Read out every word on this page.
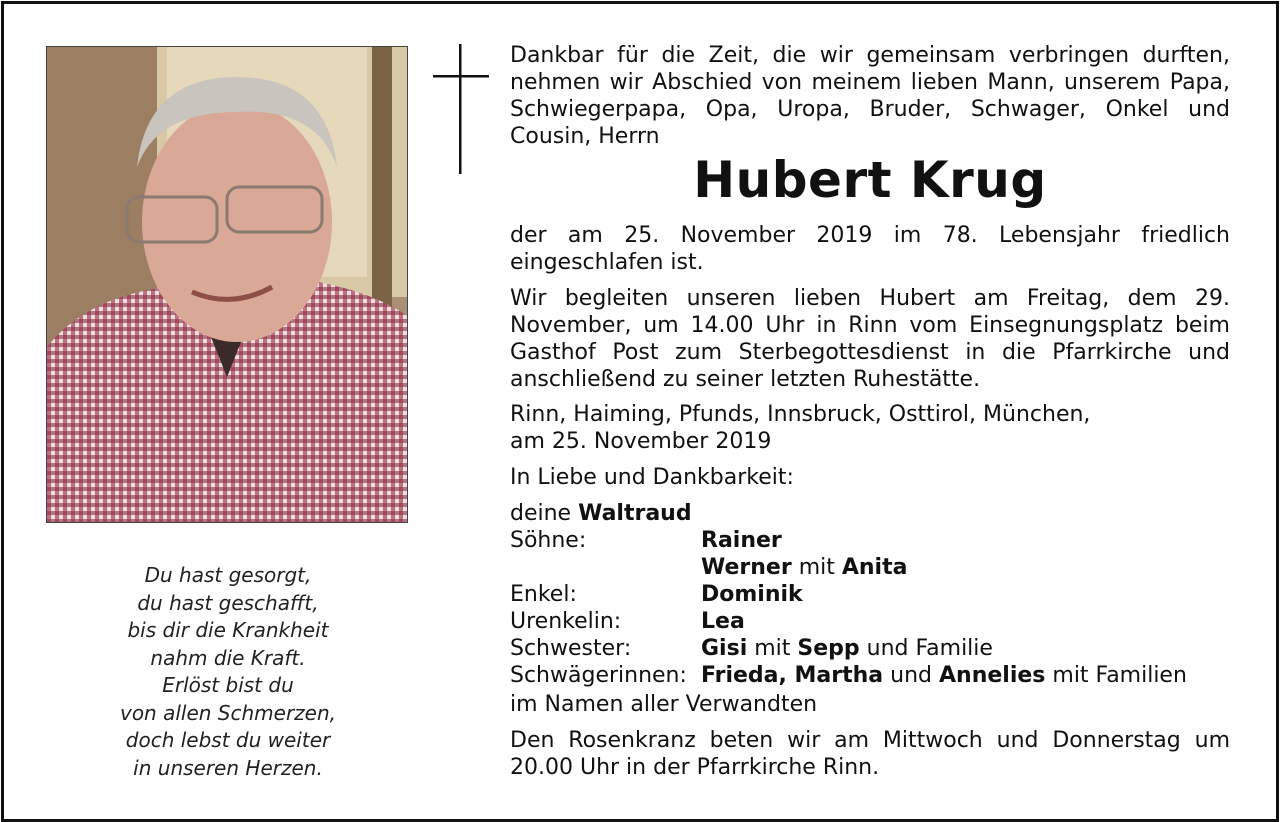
Du hast gesorgt,
du hast geschafft,
bis dir die Krankheit
nahm die Kraft.
Erlöst bist du
von allen Schmerzen,
doch lebst du weiter
in unseren Herzen.
Dankbar für die Zeit, die wir gemeinsam verbringen durften, nehmen wir Abschied von meinem lieben Mann, unserem Papa, Schwiegerpapa, Opa, Uropa, Bruder, Schwager, Onkel und Cousin, Herrn
Hubert Krug
der am 25. November 2019 im 78. Lebensjahr friedlich eingeschlafen ist.
Wir begleiten unseren lieben Hubert am Freitag, dem 29. November, um 14.00 Uhr in Rinn vom Einsegnungsplatz beim Gasthof Post zum Sterbegottesdienst in die Pfarrkirche und anschließend zu seiner letzten Ruhestätte.
Rinn, Haiming, Pfunds, Innsbruck, Osttirol, München,
am 25. November 2019
In Liebe und Dankbarkeit:
deine Waltraud
Söhne:	Rainer
Werner mit Anita
Enkel:	Dominik
Urenkelin:	Lea
Schwester:	Gisi mit Sepp und Familie
Schwägerinnen: Frieda, Martha und Annelies mit Familien
im Namen aller Verwandten
Den Rosenkranz beten wir am Mittwoch und Donnerstag um 20.00 Uhr in der Pfarrkirche Rinn.
